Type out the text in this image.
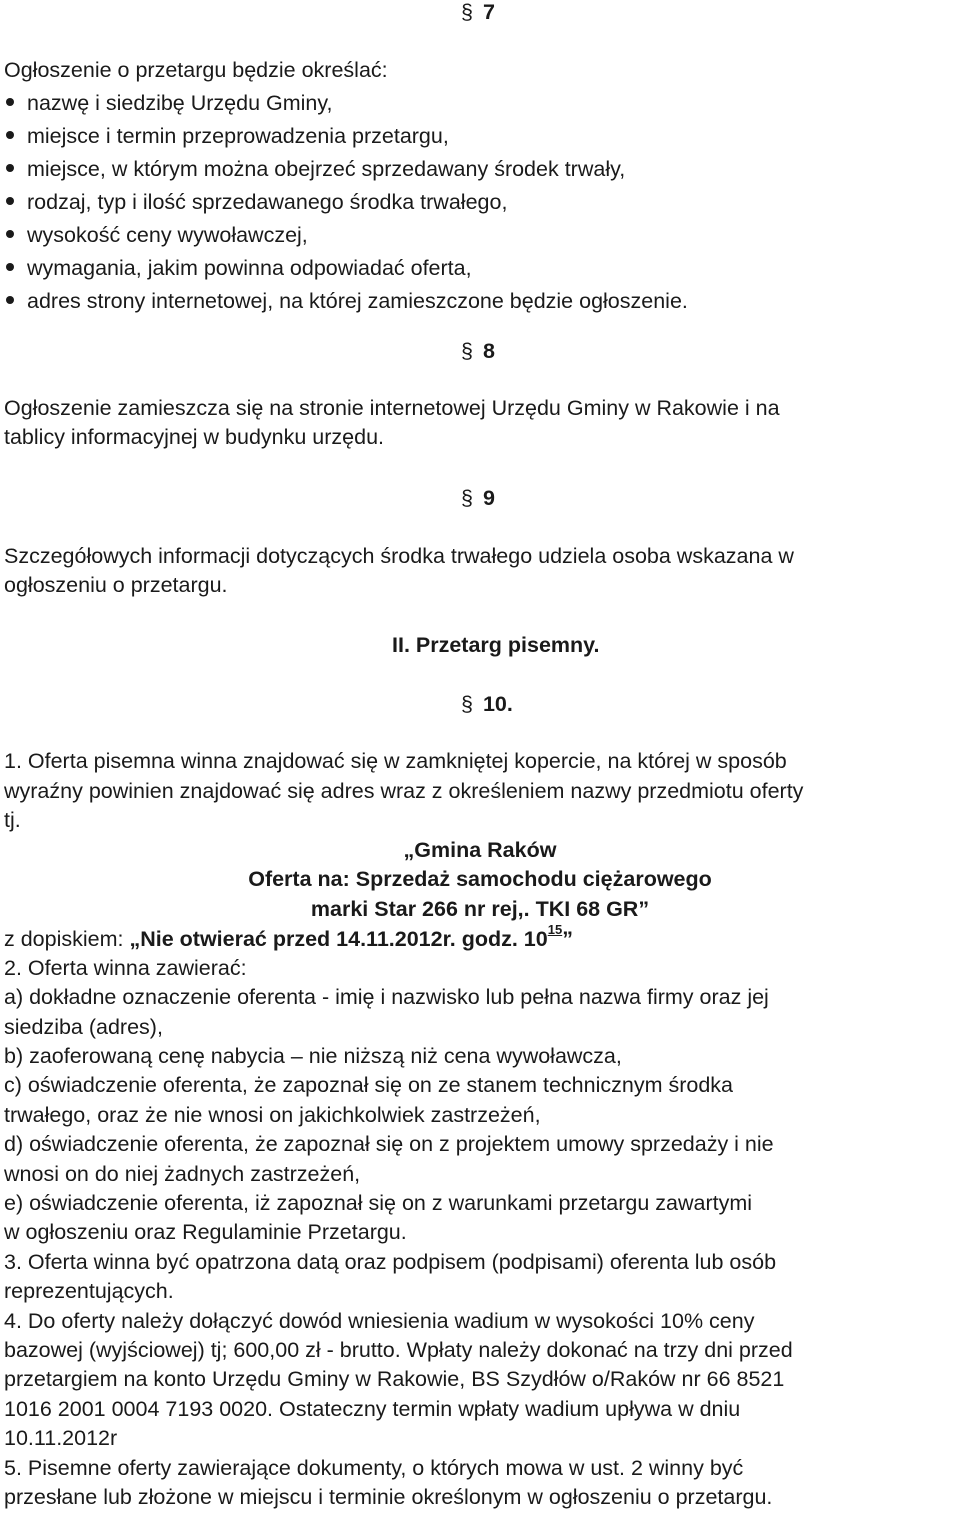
§ 7
Ogłoszenie o przetargu będzie określać:
nazwę i siedzibę Urzędu Gminy,
miejsce i termin przeprowadzenia przetargu,
miejsce, w którym można obejrzeć sprzedawany środek trwały,
rodzaj, typ i ilość sprzedawanego środka trwałego,
wysokość ceny wywoławczej,
wymagania, jakim powinna odpowiadać oferta,
adres strony internetowej, na której zamieszczone będzie ogłoszenie.
§ 8
Ogłoszenie zamieszcza się na stronie internetowej Urzędu Gminy w Rakowie i na
tablicy informacyjnej w budynku urzędu.
§ 9
Szczegółowych informacji dotyczących środka trwałego udziela osoba wskazana w
ogłoszeniu o przetargu.
II. Przetarg pisemny.
§ 10.
1. Oferta pisemna winna znajdować się w zamkniętej kopercie, na której w sposób
wyraźny powinien znajdować się adres wraz z określeniem nazwy przedmiotu oferty
tj.
„Gmina Raków
Oferta na: Sprzedaż samochodu ciężarowego
marki Star 266 nr rej,. TKI 68 GR”
z dopiskiem: „Nie otwierać przed 14.11.2012r. godz. $10^{15}$”
2. Oferta winna zawierać:
a) dokładne oznaczenie oferenta - imię i nazwisko lub pełna nazwa firmy oraz jej
siedziba (adres),
b) zaoferowaną cenę nabycia – nie niższą niż cena wywoławcza,
c) oświadczenie oferenta, że zapoznał się on ze stanem technicznym środka
trwałego, oraz że nie wnosi on jakichkolwiek zastrzeżeń,
d) oświadczenie oferenta, że zapoznał się on z projektem umowy sprzedaży i nie
wnosi on do niej żadnych zastrzeżeń,
e) oświadczenie oferenta, iż zapoznał się on z warunkami przetargu zawartymi
w ogłoszeniu oraz Regulaminie Przetargu.
3. Oferta winna być opatrzona datą oraz podpisem (podpisami) oferenta lub osób
reprezentujących.
4. Do oferty należy dołączyć dowód wniesienia wadium w wysokości 10% ceny
bazowej (wyjściowej) tj; 600,00 zł - brutto. Wpłaty należy dokonać na trzy dni przed
przetargiem na konto Urzędu Gminy w Rakowie, BS Szydłów o/Raków nr 66 8521
1016 2001 0004 7193 0020. Ostateczny termin wpłaty wadium upływa w dniu
10.11.2012r
5. Pisemne oferty zawierające dokumenty, o których mowa w ust. 2 winny być
przesłane lub złożone w miejscu i terminie określonym w ogłoszeniu o przetargu.
